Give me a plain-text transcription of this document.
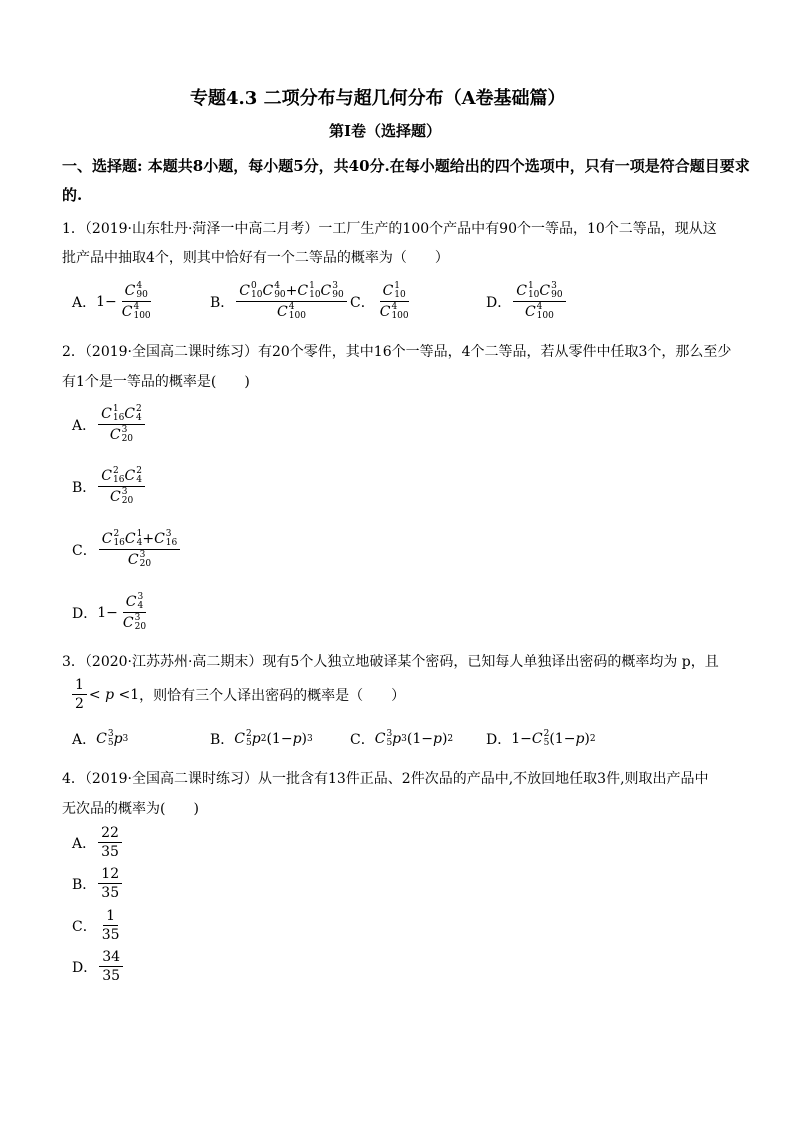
专题4.3 二项分布与超几何分布（A卷基础篇）
第I卷（选择题）
一、选择题: 本题共8小题，每小题5分，共40分.在每小题给出的四个选项中，只有一项是符合题目要求
的.
1．（2019·山东牡丹·菏泽一中高二月考）一工厂生产的100个产品中有90个一等品，10个二等品，现从这
批产品中抽取4个，则其中恰好有一个二等品的概率为（　　）
A． 1− C 4
90
C 4
100	B． C 0
10 C 4
90 +C 1
10 C 3
90
C 4
100 C． C 1
10
C 4
100	D． C 1
10 C 3
90
C 4
100
2．（2019·全国高二课时练习）有20个零件，其中16个一等品，4个二等品，若从零件中任取3个，那么至少
有1个是一等品的概率是(　　)
A． C 1
16 C 2
4
C 3
20
B． C 2
16 C 2
4
C 3
20
C． C 2
16 C 1
4 +C 3
16
C 3
20
D． 1− C 3
4
C 3
20
3．（2020·江苏苏州·高二期末）现有5个人独立地破译某个密码，已知每人单独译出密码的概率均为 p，且
$\frac{1}{2} < p <1$ ，则恰有三个人译出密码的概率是（　　）
A． C 3
5 p 3	B． C 2
5 p 2 (1− p ) 3	C． C 3
5 p 3 (1− p ) 2 D． 1− C 2
5 (1− p ) 2
4．（2019·全国高二课时练习）从一批含有13件正品、2件次品的产品中,不放回地任取3件,则取出产品中
无次品的概率为(　　)
A． $\frac{22}{35}$
B． $\frac{12}{35}$
C． $\frac{1}{35}$
D． $\frac{34}{35}$
